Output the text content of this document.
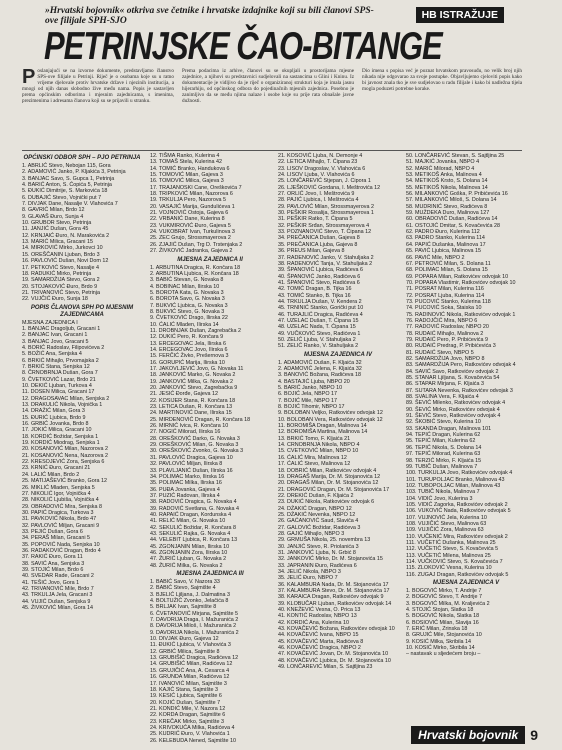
»Hrvatski bojovnik« otkriva sve četnike i hrvatske izdajnike koji su bili članovi SPS-ove filijale SPH-SJO	HB ISTRAŽUJE
PETRINJSKE ČAO-BITANGE
P oslanjajući se na izvorne dokumente, predstavljamo članstvo SPS-ove filijale u Petrinji. Riječ je o osobama koje su u ratno vrijeme djelovale protiv hrvatske države i njezinih institucija, a mnogi od njih danas slobodno žive među nama. Popis je sastavljen prema općinskim odborima i mjesnim zajednicama, s imenima, prezimenima i adresama članova koji su se prijavili u stranku.
Prema podacima iz arhive, članovi su se okupljali u prostorijama mjesne zajednice, a njihovi su predstavnici sudjelovali na sastancima u Glini i Kninu. Iz dokumentacije je vidljivo da je riječ o organiziranoj strukturi koja je imala jasnu hijerarhiju, od općinskog odbora do pojedinačnih mjesnih zajednica. Posebno je zanimljivo da se među njima nalaze i osobe koje su prije rata obnašale javne dužnosti.
Dio imena s popisa već je poznat hrvatskom pravosuđu, no velik broj njih nikada nije odgovarao za svoje postupke. Objavljujemo cjeloviti popis kako bi javnost znala tko je sve sudjelovao u radu filijale i kako bi nadležna tijela mogla poduzeti potrebne korake.
OPĆINSKI ODBOR SPH – PJO PETRINJA
1. ABRLIĆ Stevo, Nebojan 115, Gora
2. ADAMOVIĆ Janko, P. Kljakića 3, Petrinja
3. BANJAC Savo, S. Gupca 1, Petrinja
4. BARIĆ Anton, S. Ćopića 5, Petrinja
5. ĐUKIĆ Dimitrije, S. Markovića 18
6. DUBAJIĆ Stevo, Vojnički put 7
7. DIVJAK Dane, Nasalje V. Vlahovića 7
8. GAVRIĆ Milan, Brdo 12
9. GLAVAŠ Đuro, Sunja 4
10. GRUBOR Stevo, Petrinja
11. JANJIĆ Dušan, Gora 45
12. KRNJAIĆ Đuro, N. Marakovića 2
13. MARIĆ Milica, Gracani 15
14. MIRKOVIĆ Mirko, Jurkovci 10
15. OREŠČANIN Ljuban, Brdo 3
16. PAVLOVIĆ Dušan, Novi Dom 12
17. PETKOVIĆ Stevo, Nasalje 4
18. RADUKIĆ Mirko, Petrinja
19. SAMARDŽIJA Stevo, Gora 2
20. STOJAKOVIĆ Đuro, Brdo 9
21. TRIVANOVIĆ Stevo, Petrinja
22. VUJČIĆ Đuro, Sunja 18
POPIS ČLANOVA SPH PO MJESNIM ZAJEDNICAMA
MJESNA ZAJEDNICA I
1. BANJAC Dragoljub, Gracani 1
2. BANJAC Ivan, Gracani 1
3. BANJAC Jovo, Gracani 5
4. BORIĆ Radoslav, Filipovićeva 2
5. BOŽIĆ Ana, Senjska 4
6. BRKIĆ Mihajlo, Prvomajska 2
7. BRKIĆ Stana, Senjska 12
8. ČRNOBRNJA Dušan, Gora 7
9. ČVETKOVIĆ Lazar, Brdo 21
10. DEKIĆ Ljuban, Turkova 4
11. DOSEN Milica, Gracani 17
12. DRAGOSAVAC Milan, Senjska 2
13. DRAKULIĆ Nikola, Vojnička 1
14. DRAŽIĆ Milan, Gora 3
15. ĐURIĆ Ljubica, Brdo 9
16. GRBIĆ Jovanka, Brdo 8
17. JOKIĆ Milica, Gracani 10
18. KORDIĆ Božidar, Senjska 1
19. KORDIĆ Miodrag, Senjska 1
20. KOSANOVIĆ Milan, Nazorova 2
21. KOSANOVIĆ Nena, Nazorova 2
22. KRESOJEVIĆ Zora, Senjska 6
23. KRNIĆ Đuro, Gracani 21
24. LALIĆ Milan, Brdo 2
25. MATIJAŠEVIĆ Branko, Gora 12
26. MIKLIĆ Mladen, Senjska 5
27. NIKOLIĆ Igor, Vojnička 4
28. NIKOLIĆ Ljubiša, Vojnička 4
29. OBRADOVIĆ Mira, Senjska 8
30. PAPIĆ Dragica, Turkova 3
31. PAVKOVIĆ Nikola, Brdo 47
32. PAVLOVIĆ Miljan, Gracani 9
33. PEJIĆ Dušan, Gora 6
34. PERAŠ Milan, Gracani 5
35. POPOVIĆ Nada, Senjska 10
36. RADAKOVIĆ Dragan, Brdo 4
37. RAKIĆ Đuro, Gora 11
38. SAVIĆ Ana, Senjska 3
39. STOJIĆ Milan, Brdo 6
40. SVEDAR Rade, Gracani 2
41. TEŠIĆ Jovo, Gora 1
42. TRIVANOVIĆ Mile, Brdo 7
43. TRKULJA Jela, Gracani 3
44. VUJIĆ Dušan, Senjska 9
45. ŽIVKOVIĆ Milan, Gora 14
12. TIŠMA Ranko, Kulerina 4
13. TOMAŠ Stela, Kulerina 42
14. TOMIĆ Branko, Handukova 6
15. TOMOVIĆ Milan, Gajeva 3
16. TOMOVIĆ Milica, Gajeva 3
17. TRAJANOSKI Cane, Oreškovića 7
18. TRIPKOVIĆ Milan, Nazorova 6
19. TRKULJA Pero, Nazorova 5
20. VASAJIĆ Marija, Gundulićeva 1
21. VOJNOVIĆ Ostoja, Gajeva 6
22. VRBANIĆ Dane, Kulerina 8
23. VUKMIROVIĆ Đuro, Gajeva 5
24. VUKOBRAT Ivan, Turkulinova 3
25. ZEC Grujo, Strossmayerova 2
26. ZJAJIĆ Dušan, Trg D. Trstenjaka 2
27. ŽIVKOVIĆ Jadranka, Gajeva 2
MJESNA ZAJEDNICA II
1. ARBUTINA Dragica, R. Končara 18
2. ARBUTINA Ljubica, R. Končara 18
3. BABIĆ Stevan, G. Novaka 8
4. BOBINAC Milan, Ilirska 10
5. BOROTA Kata, G. Novaka 3
6. BOROTA Savo, G. Novaka 3
7. BUKVIĆ Ljubica, G. Novaka 3
8. BUKVIĆ Stevo, G. Novaka 3
9. ČVETKOVIĆ Drago, Ilirska 22
10. ĆALIĆ Mladen, Ilirska 14
11. DROBNJAK Dušan, Zagrebačka 2
12. DUKIĆ Pero, R. Končara 9
13. ERCEGOVAC Jela, Ilirska 6
14. ERCEGOVAC Jovo, Ilirska 6
15. FERČIĆ Živko, Prešernova 3
16. GORUPIĆ Marija, Ilirska 10
17. JAKOVLJEVIĆ Jovo, G. Novaka 11
18. JANKOVIĆ Marko, G. Novaka 2
19. JANKOVIĆ Milka, G. Novaka 2
20. JANKOVIĆ Stevo, Zagrebačka 9
21. JESIĆ Đorđe, Gajeva 12
22. KOSIJER Stana, R. Končara 18
23. LETICA Dušan, R. Končara 13
24. MARTINOVIĆ Dane, Ilirska 15
25. MIRDENOVIĆ Dragan, R. Končara 18
26. MIRNIĆ Ivica, R. Končara 10
27. NOGIĆ Milorad, Ilirska 16
28. OREŠKOVIĆ Darko, G. Novaka 3
29. OREŠKOVIĆ Milan, G. Novaka 3
30. OREŠKOVIĆ Zvonko, G. Novaka 3
31. PAVLOVIĆ Dragica, Gajeva 10
32. PAVLOVIĆ Miljan, Ilirska 8
33. PLAVLJANIĆ Dušan, Ilirska 16
34. POLIMAC Marko, Ilirska 16
35. POLIMAC Milka, Ilirska 16
36. PUĐA Jovanka, Gajeva 4
37. PUZIĆ Radovan, Ilirska 4
38. RADOVIĆ Dragica, G. Novaka 4
39. RADOVIĆ Svetlana, G. Novaka 4
40. RAPAIĆ Dragan, Kordunska 4
41. RELIĆ Milan, G. Novaka 10
42. SEKULIĆ Božidar, R. Končara 8
43. SEKULIĆ Rajka, G. Novaka 4
44. VELEBIT Ljubica, R. Končara 13
45. ZGONJANIN Milan, Ilirska 10
46. ZGONJANIN Zora, Ilirska 10
47. ŽURIĆ Ljuban, G. Novaka 2
48. ŽURIĆ Milka, G. Novaka 2
MJESNA ZAJEDNICA III
1. BABIĆ Savo, V. Nazora 33
2. BABIĆ Stevo, Sajmište 4
3. BJELIĆ Ljiljana, J. Dalmatina 3
4. BOLTUŽIĆ Zvonko, Jelačića 8
5. BRLJAK Ivan, Sajmište 8
6. ČVETANOVIĆ Mirjana, Sajmište 5
7. DAVORIJA Draga, I. Mažuranića 2
8. DAVORIJA Miloš, I. Mažuranića 2
9. DAVORIJA Nikola, I. Mažuranića 2
10. DIVJAK Đuro, Gajeva 12
11. ĐUKIĆ Ljubica, V. Vlahovića 3
12. GRBIĆ Milica, Sajmište 8
13. GRUBIŠIĆ Dragica, Radićeva 12
14. GRUBIŠIĆ Milan, Radićeva 12
15. GRUJIČIĆ Ana, A. Cesarca 4
16. GRUNDA Milan, Radićeva 12
17. IVANOVIĆ Milan, Sajmište 3
18. KAJIĆ Stana, Sajmište 3
19. KESIĆ Ljubica, Sajmište 6
20. KOJIĆ Dušan, Sajmište 7
21. KONDIĆ Mile, V. Nazora 12
22. KORDA Dragan, Sajmište 6
23. KREČAK Mirko, Sajmište 3
24. KRIVOKUĆA Milka, Radićeva 4
25. KUDRIĆ Đuro, V. Vlahovića 1
26. KELEBUDA Nened, Sajmište 10
21. KOSOVIĆ Ljuba, N. Demonje 4
22. LETICA Mihajlo, T. Ćipana 23
23. LISOV Dragoslav, V. Vlahovića 6
24. LISOV Ljuba, V. Vlahovića 6
25. LONČAREVIĆ Stjepan, J. Cipora 1
26. LJEŠKOVIĆ Gordana, I. Meštrovića 12
27. ORLIĆ Jovo, I. Meštrovića 9
28. PAJIĆ Ljubica, I. Meštrovića 4
29. PAVLOVIĆ Milan, Strossmayerova 2
30. PEŠKIR Rosalija, Strossmayerova 1
31. PEŠKIR Ratko, T. Ćipana 5
32. PEŠKIR Srđan, Strossmayerova 4
33. POZNANOVIĆ Stevo, T. Ćipana 12
34. PREČANICA Dušan, Gajeva 8
35. PREČANICA Ljuba, Gajeva 8
36. PREUS Milan, Gajeva 8
37. RADENOVIĆ Janko, V. Stahuljaka 2
38. RADENOVIĆ Tanja, V. Stahuljaka 2
39. ŠPANOVIĆ Ljubica, Radićeva 6
40. ŠPANOVIĆ Janko, Radićeva 6
41. ŠPANOVIĆ Stevo, Radićeva 6
42. TOMIĆ Dragan, B. Tijka 16
43. TOMIĆ Stanko, B. Tijka 16
44. TRKULJA Dušan, V. Kendera 2
45. TRNINIĆ Stanko, Gorički put 10
46. TURAJLIĆ Dragica, Radićeva 4
47. UZELAC Dušan, T. Ćipana 15
48. UZELAC Nada, T. Ćipana 15
49. VUČKOVIĆ Stevo, Radićeva 1
50. ZELIĆ Ljuba, V. Stahuljaka 2
51. ZELIĆ Ranko, V. Stahuljaka 2
MJESNA ZAJEDNICA IV
1. ADAMOVIĆ Dušan, F. Kljaića 32
2. ADAMOVIĆ Jelena, F. Kljaića 32
3. BANOVIĆ Božana, Radićeva 18
4. BASTAJIĆ Ljuba, NBPO 20
5. BARIĆ Janko, NBPO 10
6. BOJIĆ Jela, NBPO 17
7. BOJIĆ Mile, NBPO 17
8. BOJIĆ Tihomir, NBPO 17
9. BOLOBAN Veljko, Ratkovićev odvojak 12
10. BOLOBAN Vera, Ratkovićev odvojak 12
11. BOROMIŠA Dragan, Malinova 14
12. BOROMIŠA Martina, Malinova 14
13. BRKIĆ Tomo, F. Kljaića 21
14. CRNOBRNJA Nikola, NBPO 4
15. CVETKOVIĆ Milan, NBPO 10
16. ĆALIĆ Mira, Malinova 12
17. ĆALIĆ Stevo, Malinova 12
18. DOBRIĆ Milan, Ratkovićev odvojak 4
19. DRAGAŠ Marija, Dr. M. Stojanovića 12
20. DRAGAŠ Milan, Dr. M. Stojanovića 12
21. DRAGOVIĆ Dragan, Dr. M. Stojanovića 17
22. DREKIĆ Dušan, F. Kljaića 2
23. DUKIĆ Nikola, Ratkovićev odvojak 6
24. DŽAKIĆ Dragan, NBPO 12
25. DŽAKIĆ Nevenka, NBPO 12
26. GAĆANOVIĆ Saud, Slaviča 4
27. GALOVIĆ Božidar, Radićeva 3
28. GAJIĆ Mihajlo, NBPO 3
29. GRMUŠA Nikola, 25. novembra 13
30. JANJIĆ Stevo, R. Priolanića 3
31. JANKOVIĆ Ljuba, N. Grbić 8
32. JANKOVIĆ Mirko, Dr. M. Stojanovića 15
33. JAPRANIN Đuro, Radićeva 6
34. JELIĆ Nikola, NBPO 3
35. JELIĆ Đuro, NBPO 7
36. KALAMBURA Nada, Dr. M. Stojanovića 17
37. KALAMBURA Stevo, Dr. M. Stojanovića 17
38. KARAICA Dragan, Ratkovićev odvojak 9
39. KLOBUČAR Ljuban, Ratkovićev odvojak 14
40. KNEŽEVIĆ Vesna, O. Prica 13
41. KONTIĆ Radoslav, NBPO 13
42. KORDIĆ Ana, Kulerina 10
43. KOVAČEVIĆ Božana, Ratkovićev odvojak 10
44. KOVAČEVIĆ Ivana, NBPO 15
45. KOVAČEVIĆ Marta, Radićeva 8
46. KOVAČEVIĆ Dragica, NBPO 2
47. KOVAČEVIĆ Jovan, Dr. M. Stojanovića 10
48. KOVAČEVIĆ Ljubica, Dr. M. Stojanovića 10
49. LONČAREVIĆ Milan, S. Sajtljina 23
50. LONČAREVIĆ Stevan, S. Sajtljina 25
51. MAJKIĆ Jovanka, NBPO 4
52. MARIĆ Milorad, NBPO 4
53. METIKOŠ Anka, Malinova 4
54. METIKOŠ Krsto, S. Dolana 14
55. METIKOŠ Nikola, Malinova 14
56. MILANKOVIĆ Goška, P. Pribićevića 16
57. MILANKOVIĆ Miloš, S. Dolana 14
58. MUDRINIĆ Stevo, Radićeva 8
59. MUŽDEKA Duro, Malinova 127
60. OBRADOVIĆ Dušan, Radićeva 14
61. OSTOJIĆ Dmitar, S. Kovačevića 28
62. PADRO Đuro, Kulerina 112
63. PADRO Stanko, Kulerina 114
64. PAPIĆ Dušanka, Malinova 17
65. PAVIĆ Ljubica, Malinova 15
66. PAVIĆ Mile, NBPO 2
67. PETROVIĆ Milan, S. Dolana 11
68. POLIMAC Milan, S. Dolana 15
69. POPARA Milan, Ratkovićev odvojak 10
70. POPARA Vlastimir, Ratkovićev odvojak 10
71. POSRAT Milan, Kulerina 116
72. POSRAT Ljuba, Kulerina 114
73. PUCOVIĆ Stanko, Kulerina 118
74. PUCOVIĆ Soka, Staiska 10
75. RADINOVIĆ Nikola, Ratkovićev odvojak 1
76. RADOJČIĆ Mira, NBPO 6
77. RADOVIĆ Radoslav, NBPO 20
78. RUDAIĆ Mihajlo, Malinova 2
79. RUDAIĆ Pero, P. Pribićevića 9
80. RUDAIĆ Predrag, P. Pribićevića 3
81. RUDAIĆ Stevo, NBPO 5
82. SAMARDŽIJA Jovo, NBPO 8
83. SAMARDŽIJA Pero, Ratkovićev odvojak 4
84. SAVIĆ Savo, Ratkovićev odvojak 2
85. STANAR Ljiljana, S. Kovačevića 54
86. STAPAR Mirjana, F. Kljaića 3
87. SUTARA Nevenka, Ratkovićev odvojak 3
88. SVALINA Vera, F. Kljaića 4
89. ŠEVIĆ Milenko, Ratkovićev odvojak 4
90. ŠEVIĆ Mirko, Ratkovićev odvojak 4
91. ŠEVIĆ Stevo, Ratkovićev odvojak 4
92. ŠKOBIĆ Stevo, Kulerina 10
93. SKANDA Dragan, Malinova 101
94. TEPIĆ Dragan, Kulerina 62
95. TEPIĆ Milan, Kulerina 62
96. TEPIĆ Nikola, S. Dolana 14
97. TEPIĆ Milorad, Kulerina 63
98. TERZIĆ Mirko, F. Kljaića 15
99. TUBIČ Dušan, Malinova 7
100. TURKULJA Jovo, Ratkovićev odvojak 4
101. TURUPOLJAC Branko, Malinova 43
102. TUBOPOLJAC Milan, Malinova 43
103. TUBIČ Nikola, Malinova 7
104. VIDIĆ Jovo, Kulerina 3
105. VIDIĆ Zagorka, Ratkovićev odvojak 2
106. VUKOVIĆ Nada, Ratkovićev odvojak 5
107. VUJNOVIĆ Jela, Kulerina 10
108. VUJIČIĆ Stevo, Malinova 63
109. VUJIČIĆ Zora, Malinova 63
110. VUČENIĆ Mira, Ratkovićev odvojak 2
111. VUČETIĆ Dušanka, Malinova 25
112. VUČETIĆ Stevo, S. Kovačevića 5
113. VUČETIĆ Milena, Malinova 25
114. VUČKOVIĆ Stevo, S. Kovačevića 7
115. ZLOKOVIĆ Vesna, Kulerina 10
116. ZUGAJ Dragan, Ratkovićev odvojak 5
MJESNA ZAJEDNICA V
1. BOGOVIĆ Mirko, T. Andrije 7
2. BOGOVIĆ Stevo, T. Andrije 7
3. BOGOVIĆ Milka, M. Kraljevića 2
4. STOJIĆ Stojan, Slatka 18
5. BOGOVIĆ Nikola, Slatka 18
6. BOSIOVIĆ Milan, Slavija 16
7. ERIĆ Milan, Zrinska 18
8. GRUJIĆ Mile, Stojanovića 10
9. KOSIĆ Milka, Skribila 14
10. KOSIĆ Mirko, Skribila 14
– nastavak u sljedećem broju –
Hrvatski bojovnik 9
